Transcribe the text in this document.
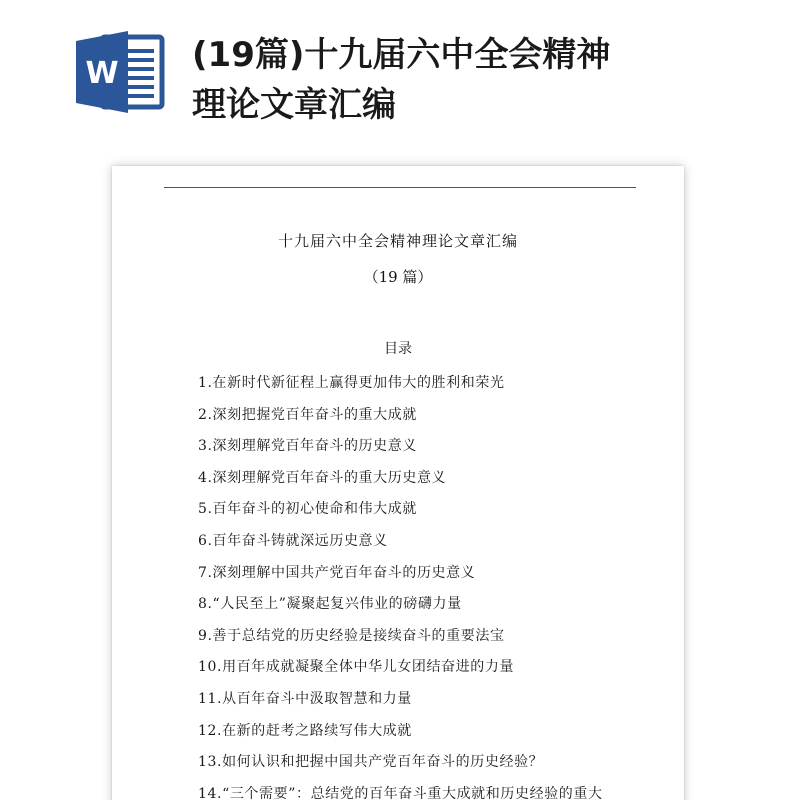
W (19篇)十九届六中全会精神
理论文章汇编
十九届六中全会精神理论文章汇编
（19 篇）
目录
1.在新时代新征程上赢得更加伟大的胜利和荣光
2.深刻把握党百年奋斗的重大成就
3.深刻理解党百年奋斗的历史意义
4.深刻理解党百年奋斗的重大历史意义
5.百年奋斗的初心使命和伟大成就
6.百年奋斗铸就深远历史意义
7.深刻理解中国共产党百年奋斗的历史意义
8.“人民至上”凝聚起复兴伟业的磅礴力量
9.善于总结党的历史经验是接续奋斗的重要法宝
10.用百年成就凝聚全体中华儿女团结奋进的力量
11.从百年奋斗中汲取智慧和力量
12.在新的赶考之路续写伟大成就
13.如何认识和把握中国共产党百年奋斗的历史经验？
14.“三个需要”：总结党的百年奋斗重大成就和历史经验的重大
